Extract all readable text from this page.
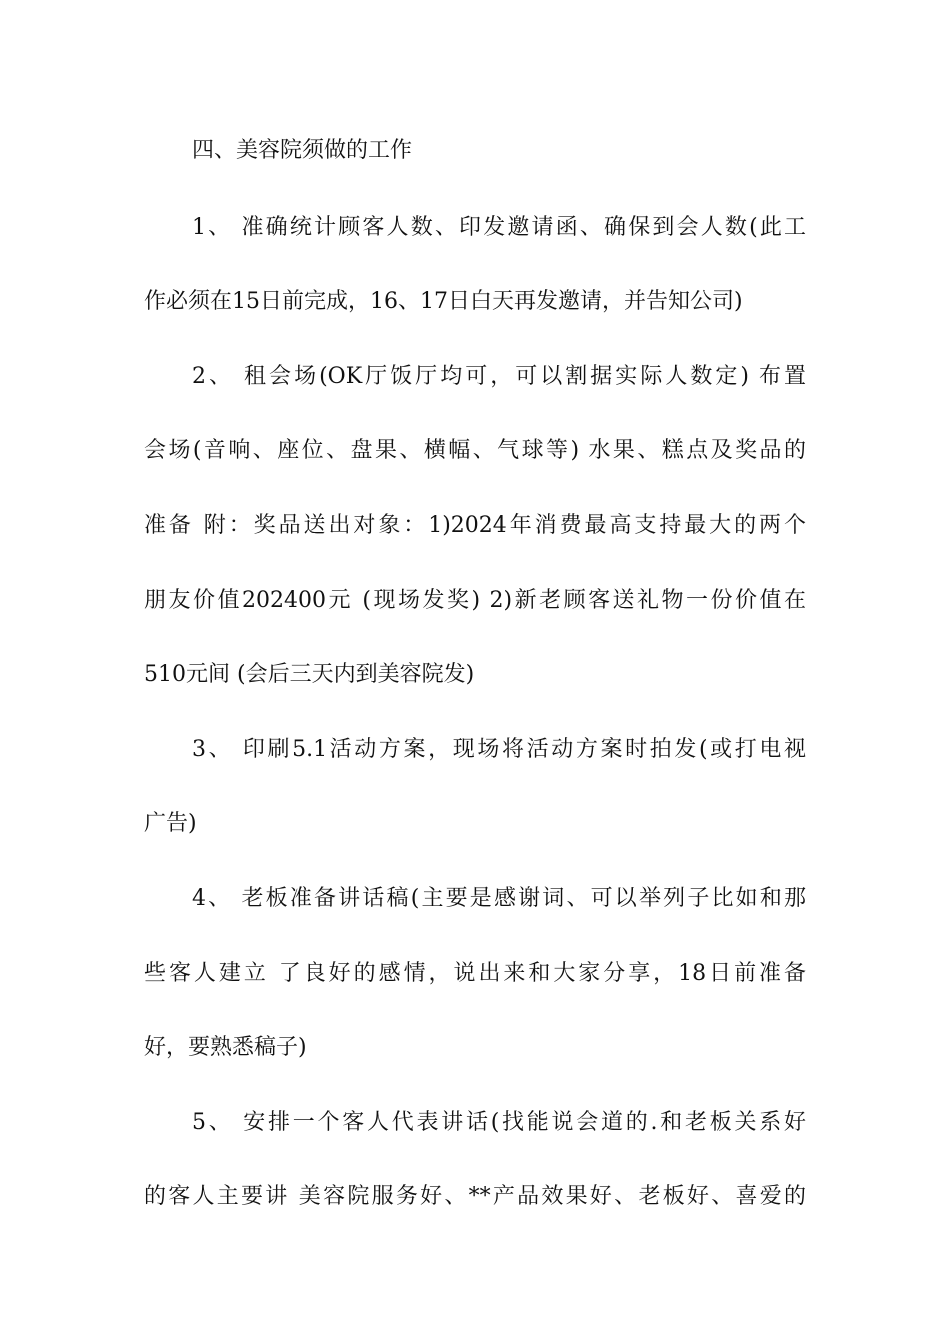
四、美容院须做的工作
1、 准确统计顾客人数、印发邀请函、确保到会人数(此工
作必须在15日前完成，16、17日白天再发邀请，并告知公司)
2、 租会场(OK厅饭厅均可，可以割据实际人数定) 布置
会场(音响、座位、盘果、横幅、气球等) 水果、糕点及奖品的
准备 附：奖品送出对象：1)2024年消费最高支持最大的两个
朋友价值202400元 (现场发奖) 2)新老顾客送礼物一份价值在
510元间 (会后三天内到美容院发)
3、 印刷5.1活动方案，现场将活动方案时拍发(或打电视
广告)
4、 老板准备讲话稿(主要是感谢词、可以举列子比如和那
些客人建立 了良好的感情，说出来和大家分享，18日前准备
好，要熟悉稿子)
5、 安排一个客人代表讲话(找能说会道的.和老板关系好
的客人主要讲 美容院服务好、**产品效果好、老板好、喜爱的
